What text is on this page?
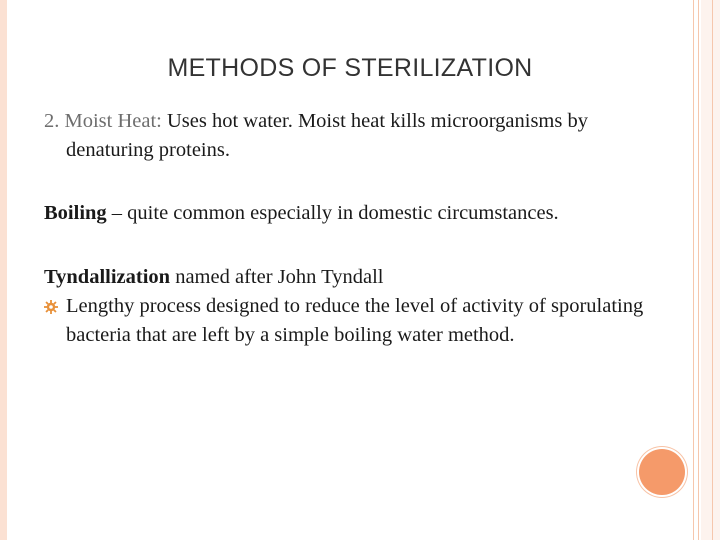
METHODS OF STERILIZATION

2. Moist Heat: Uses hot water. Moist heat kills microorganisms by denaturing proteins.

Boiling – quite common especially in domestic circumstances.

Tyndallization named after John Tyndall

Lengthy process designed to reduce the level of activity of sporulating bacteria that are left by a simple boiling water method.
